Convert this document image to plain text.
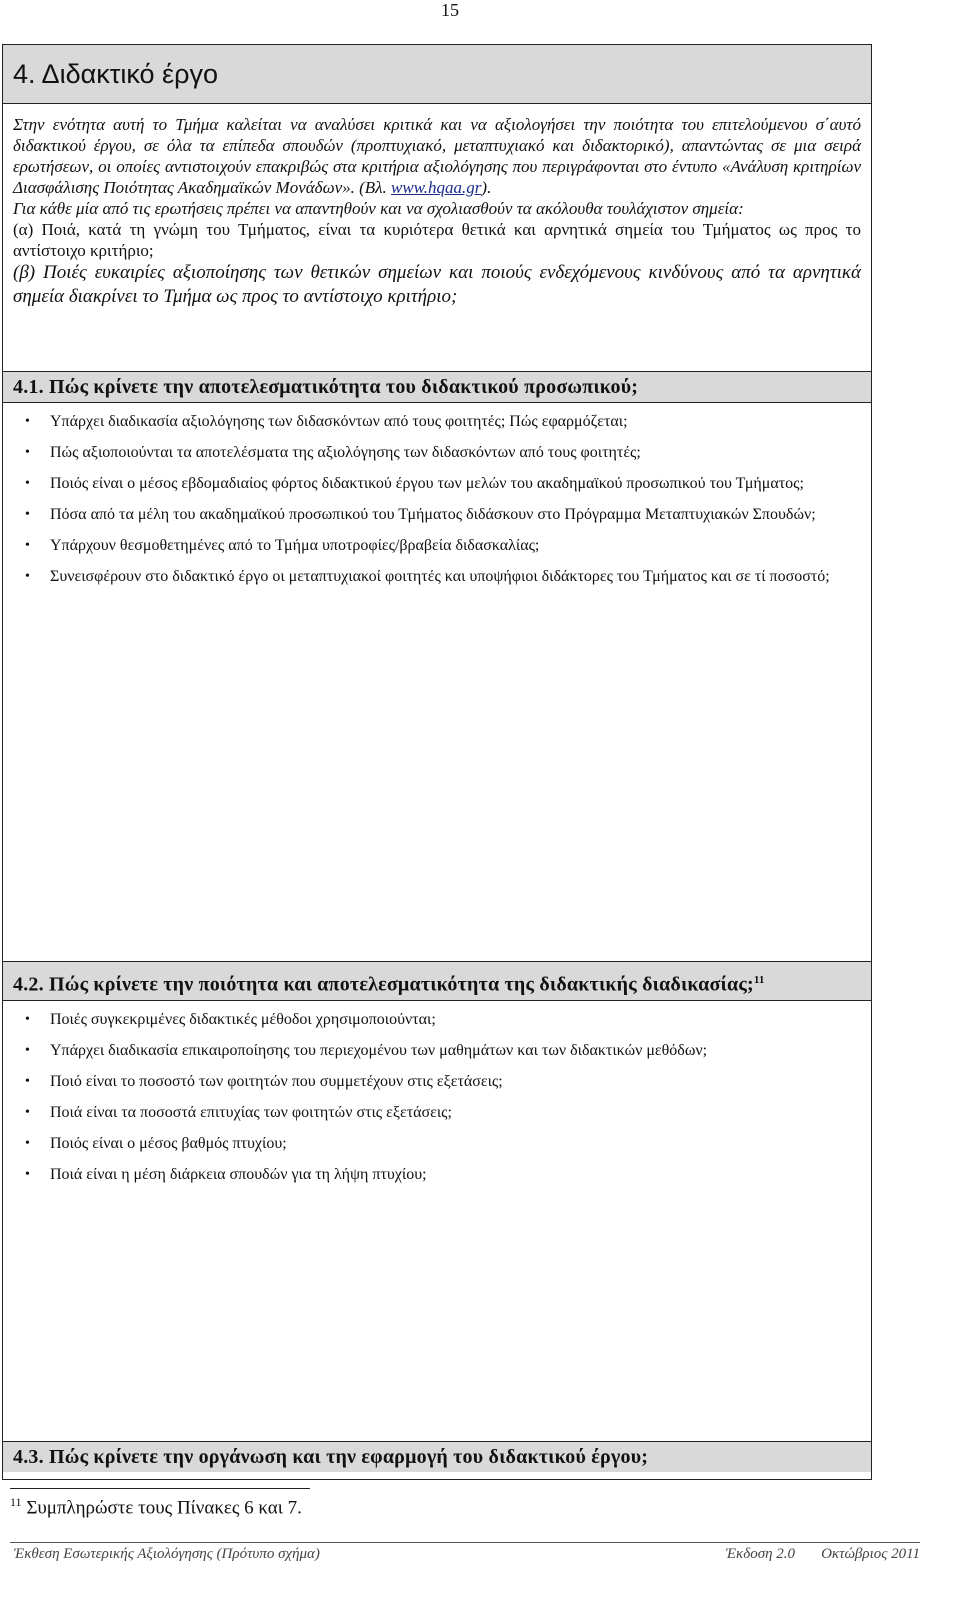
15
4. Διδακτικό έργο

Στην ενότητα αυτή το Τμήμα καλείται να αναλύσει κριτικά και να αξιολογήσει την ποιότητα του επιτελούμενου σ΄αυτό διδακτικού έργου, σε όλα τα επίπεδα σπουδών (προπτυχιακό, μεταπτυχιακό και διδακτορικό), απαντώντας σε μια σειρά ερωτήσεων, οι οποίες αντιστοιχούν επακριβώς στα κριτήρια αξιολόγησης που περιγράφονται στο έντυπο «Ανάλυση κριτηρίων Διασφάλισης Ποιότητας Ακαδημαϊκών Μονάδων». (Βλ. www.hqaa.gr).

Για κάθε μία από τις ερωτήσεις πρέπει να απαντηθούν και να σχολιασθούν τα ακόλουθα τουλάχιστον σημεία:

(α) Ποιά, κατά τη γνώμη του Τμήματος, είναι τα κυριότερα θετικά και αρνητικά σημεία του Τμήματος ως προς το αντίστοιχο κριτήριο;

(β) Ποιές ευκαιρίες αξιοποίησης των θετικών σημείων και ποιούς ενδεχόμενους κινδύνους από τα αρνητικά σημεία διακρίνει το Τμήμα ως προς το αντίστοιχο κριτήριο;

4.1. Πώς κρίνετε την αποτελεσματικότητα του διδακτικού προσωπικού;
• Υπάρχει διαδικασία αξιολόγησης των διδασκόντων από τους φοιτητές; Πώς εφαρμόζεται;
• Πώς αξιοποιούνται τα αποτελέσματα της αξιολόγησης των διδασκόντων από τους φοιτητές;
• Ποιός είναι ο μέσος εβδομαδιαίος φόρτος διδακτικού έργου των μελών του ακαδημαϊκού προσωπικού του Τμήματος;
• Πόσα από τα μέλη του ακαδημαϊκού προσωπικού του Τμήματος διδάσκουν στο Πρόγραμμα Μεταπτυχιακών Σπουδών;
• Υπάρχουν θεσμοθετημένες από το Τμήμα υποτροφίες/βραβεία διδασκαλίας;
• Συνεισφέρουν στο διδακτικό έργο οι μεταπτυχιακοί φοιτητές και υποψήφιοι διδάκτορες του Τμήματος και σε τί ποσοστό;
4.2. Πώς κρίνετε την ποιότητα και αποτελεσματικότητα της διδακτικής διαδικασίας;$^{11}$
• Ποιές συγκεκριμένες διδακτικές μέθοδοι χρησιμοποιούνται;
• Υπάρχει διαδικασία επικαιροποίησης του περιεχομένου των μαθημάτων και των διδακτικών μεθόδων;
• Ποιό είναι το ποσοστό των φοιτητών που συμμετέχουν στις εξετάσεις;
• Ποιά είναι τα ποσοστά επιτυχίας των φοιτητών στις εξετάσεις;
• Ποιός είναι ο μέσος βαθμός πτυχίου;
• Ποιά είναι η μέση διάρκεια σπουδών για τη λήψη πτυχίου;
4.3. Πώς κρίνετε την οργάνωση και την εφαρμογή του διδακτικού έργου;
$^{11}$ Συμπληρώστε τους Πίνακες 6 και 7.
Έκθεση Εσωτερικής Αξιολόγησης (Πρότυπο σχήμα)	Έκδοση 2.0 Οκτώβριος 2011
